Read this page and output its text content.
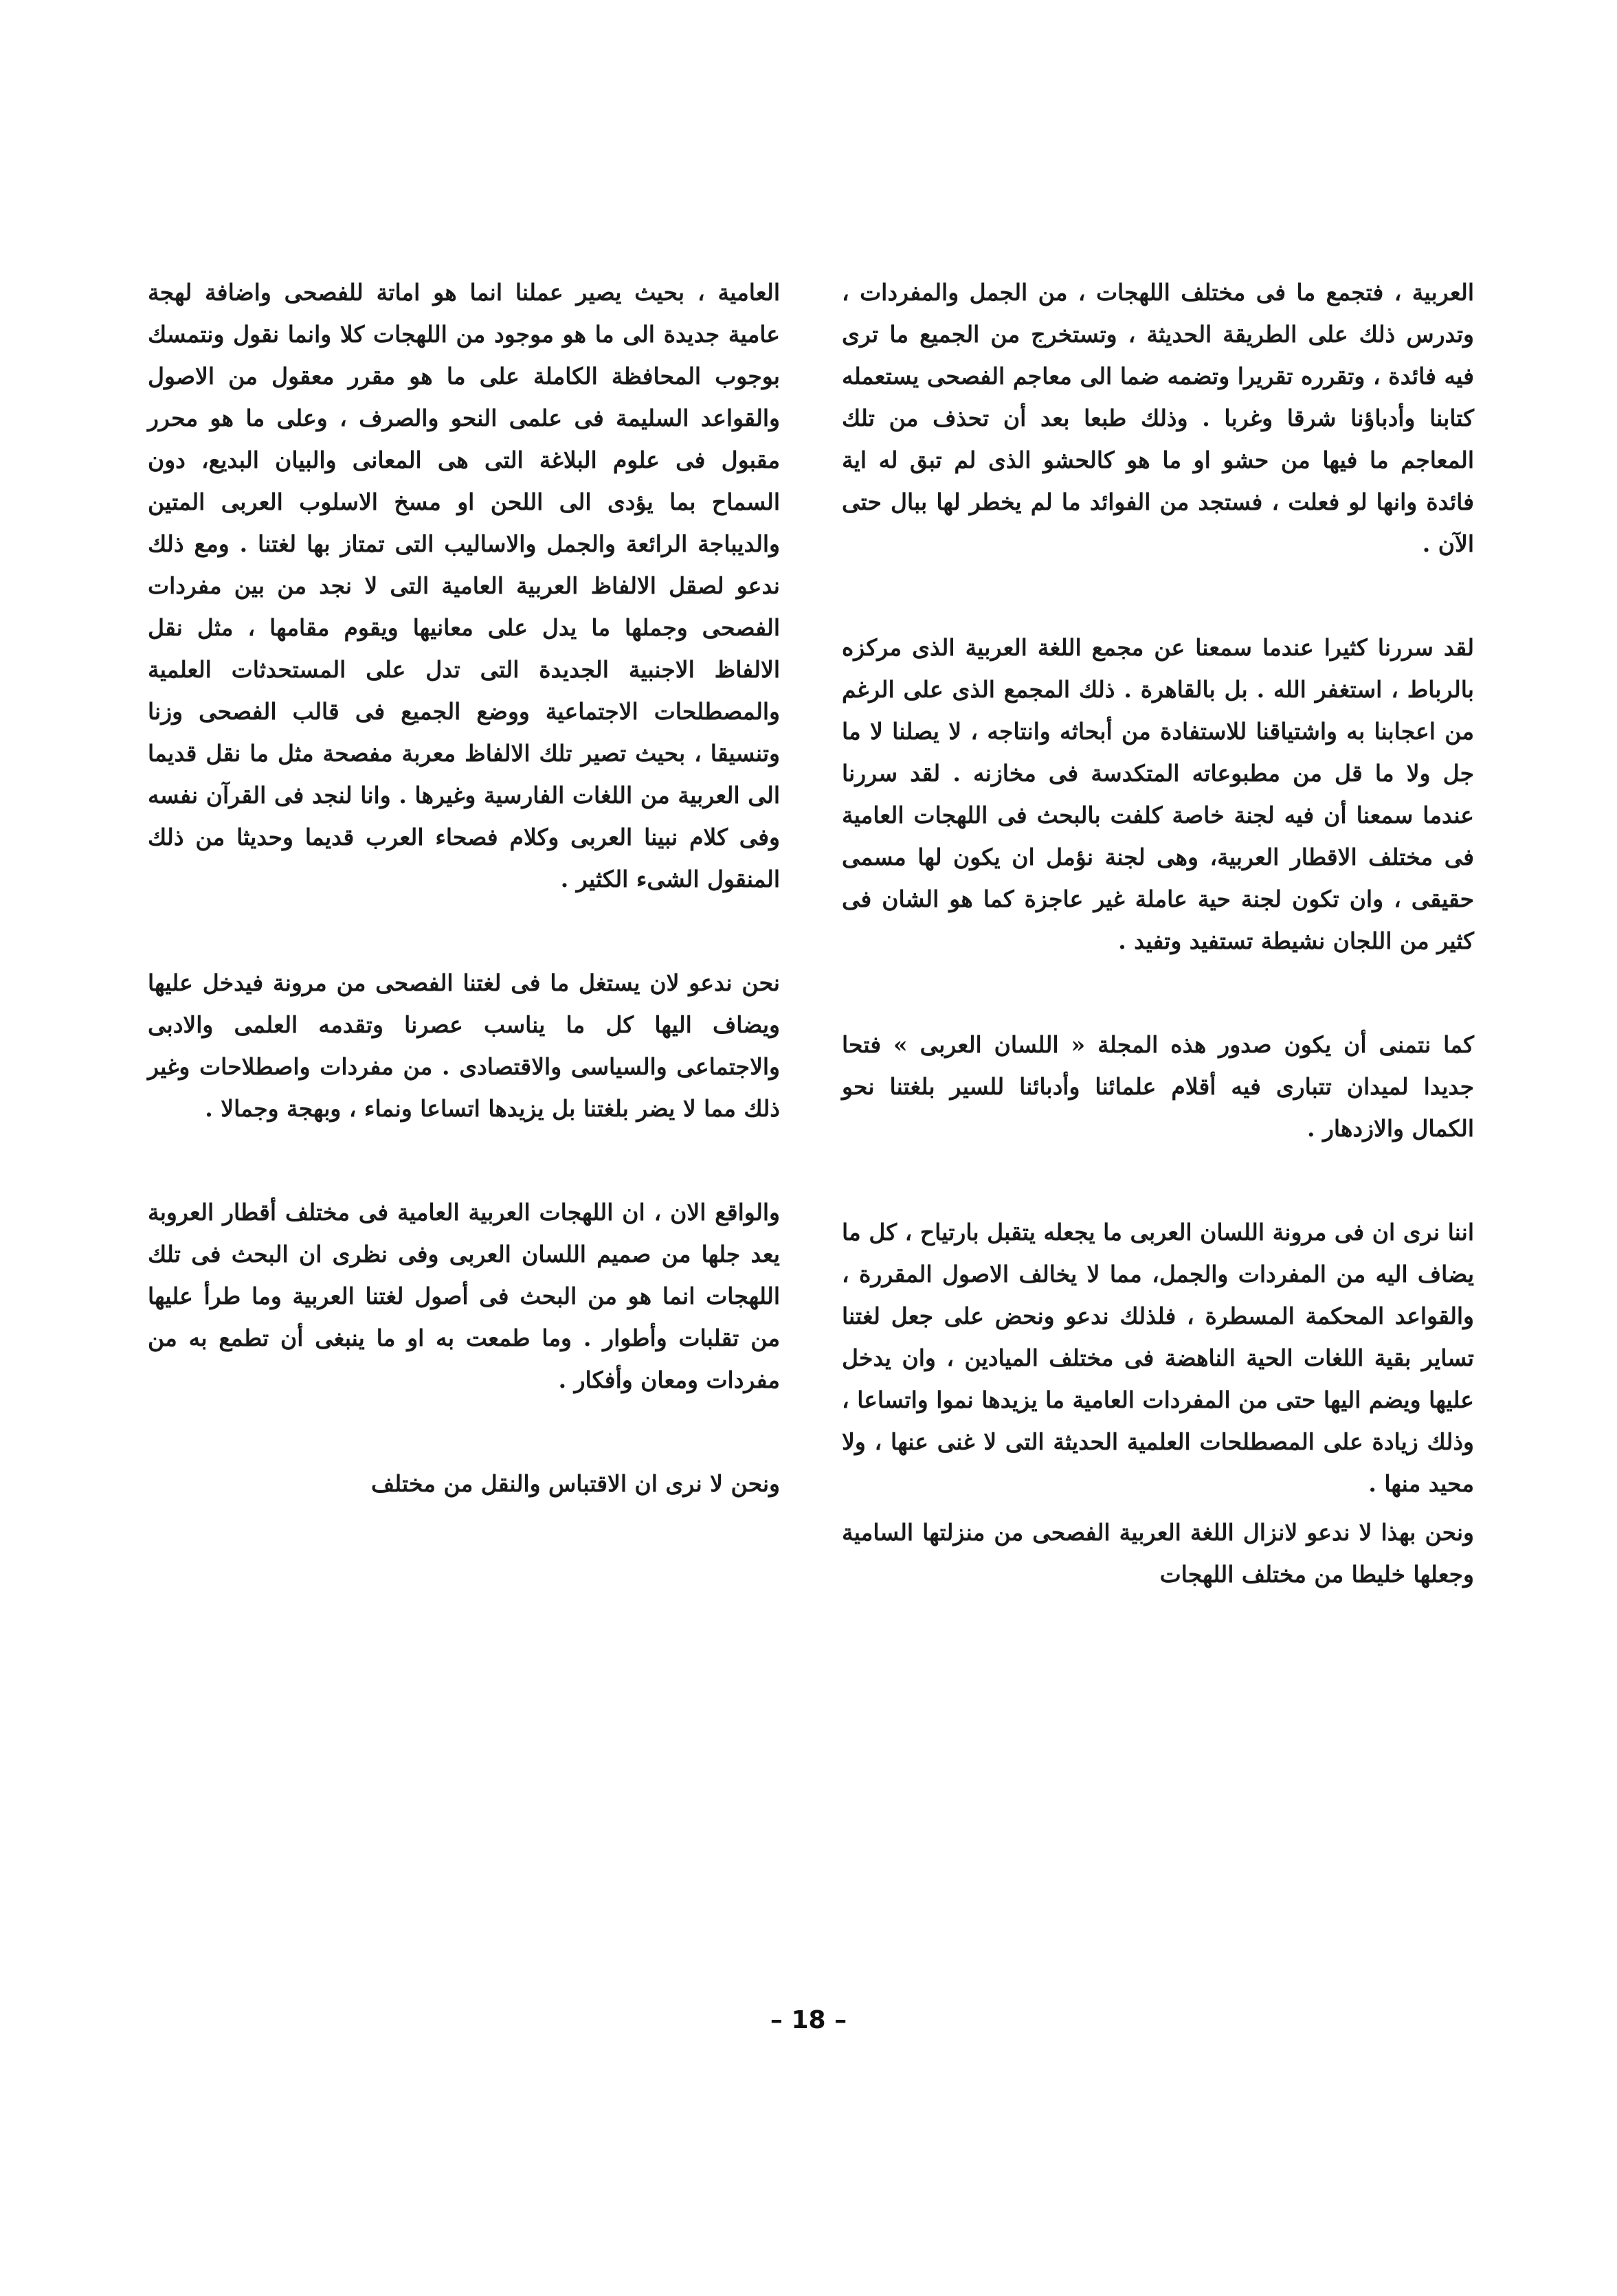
العربية ، فتجمع ما فى مختلف اللهجات ، من الجمل والمفردات ، وتدرس ذلك على الطريقة الحديثة ، وتستخرج من الجميع ما ترى فيه فائدة ، وتقرره تقريرا وتضمه ضما الى معاجم الفصحى يستعمله كتابنا وأدباؤنا شرقا وغربا . وذلك طبعا بعد أن تحذف من تلك المعاجم ما فيها من حشو او ما هو كالحشو الذى لم تبق له اية فائدة وانها لو فعلت ، فستجد من الفوائد ما لم يخطر لها ببال حتى الآن .

لقد سررنا كثيرا عندما سمعنا عن مجمع اللغة العربية الذى مركزه بالرباط ، استغفر الله . بل بالقاهرة . ذلك المجمع الذى على الرغم من اعجابنا به واشتياقنا للاستفادة من أبحاثه وانتاجه ، لا يصلنا لا ما جل ولا ما قل من مطبوعاته المتكدسة فى مخازنه . لقد سررنا عندما سمعنا أن فيه لجنة خاصة كلفت بالبحث فى اللهجات العامية فى مختلف الاقطار العربية، وهى لجنة نؤمل ان يكون لها مسمى حقيقى ، وان تكون لجنة حية عاملة غير عاجزة كما هو الشان فى كثير من اللجان نشيطة تستفيد وتفيد .

كما نتمنى أن يكون صدور هذه المجلة « اللسان العربى » فتحا جديدا لميدان تتبارى فيه أقلام علمائنا وأدبائنا للسير بلغتنا نحو الكمال والازدهار .

اننا نرى ان فى مرونة اللسان العربى ما يجعله يتقبل بارتياح ، كل ما يضاف اليه من المفردات والجمل، مما لا يخالف الاصول المقررة ، والقواعد المحكمة المسطرة ، فلذلك ندعو ونحض على جعل لغتنا تساير بقية اللغات الحية الناهضة فى مختلف الميادين ، وان يدخل عليها ويضم اليها حتى من المفردات العامية ما يزيدها نموا واتساعا ، وذلك زيادة على المصطلحات العلمية الحديثة التى لا غنى عنها ، ولا محيد منها .

ونحن بهذا لا ندعو لانزال اللغة العربية الفصحى من منزلتها السامية وجعلها خليطا من مختلف اللهجات

العامية ، بحيث يصير عملنا انما هو اماتة للفصحى واضافة لهجة عامية جديدة الى ما هو موجود من اللهجات كلا وانما نقول ونتمسك بوجوب المحافظة الكاملة على ما هو مقرر معقول من الاصول والقواعد السليمة فى علمى النحو والصرف ، وعلى ما هو محرر مقبول فى علوم البلاغة التى هى المعانى والبيان البديع، دون السماح بما يؤدى الى اللحن او مسخ الاسلوب العربى المتين والديباجة الرائعة والجمل والاساليب التى تمتاز بها لغتنا . ومع ذلك ندعو لصقل الالفاظ العربية العامية التى لا نجد من بين مفردات الفصحى وجملها ما يدل على معانيها ويقوم مقامها ، مثل نقل الالفاظ الاجنبية الجديدة التى تدل على المستحدثات العلمية والمصطلحات الاجتماعية ووضع الجميع فى قالب الفصحى وزنا وتنسيقا ، بحيث تصير تلك الالفاظ معربة مفصحة مثل ما نقل قديما الى العربية من اللغات الفارسية وغيرها . وانا لنجد فى القرآن نفسه وفى كلام نبينا العربى وكلام فصحاء العرب قديما وحديثا من ذلك المنقول الشىء الكثير .

نحن ندعو لان يستغل ما فى لغتنا الفصحى من مرونة فيدخل عليها ويضاف اليها كل ما يناسب عصرنا وتقدمه العلمى والادبى والاجتماعى والسياسى والاقتصادى . من مفردات واصطلاحات وغير ذلك مما لا يضر بلغتنا بل يزيدها اتساعا ونماء ، وبهجة وجمالا .

والواقع الان ، ان اللهجات العربية العامية فى مختلف أقطار العروبة يعد جلها من صميم اللسان العربى وفى نظرى ان البحث فى تلك اللهجات انما هو من البحث فى أصول لغتنا العربية وما طرأ عليها من تقلبات وأطوار . وما طمعت به او ما ينبغى أن تطمع به من مفردات ومعان وأفكار .

ونحن لا نرى ان الاقتباس والنقل من مختلف

– 18 –
